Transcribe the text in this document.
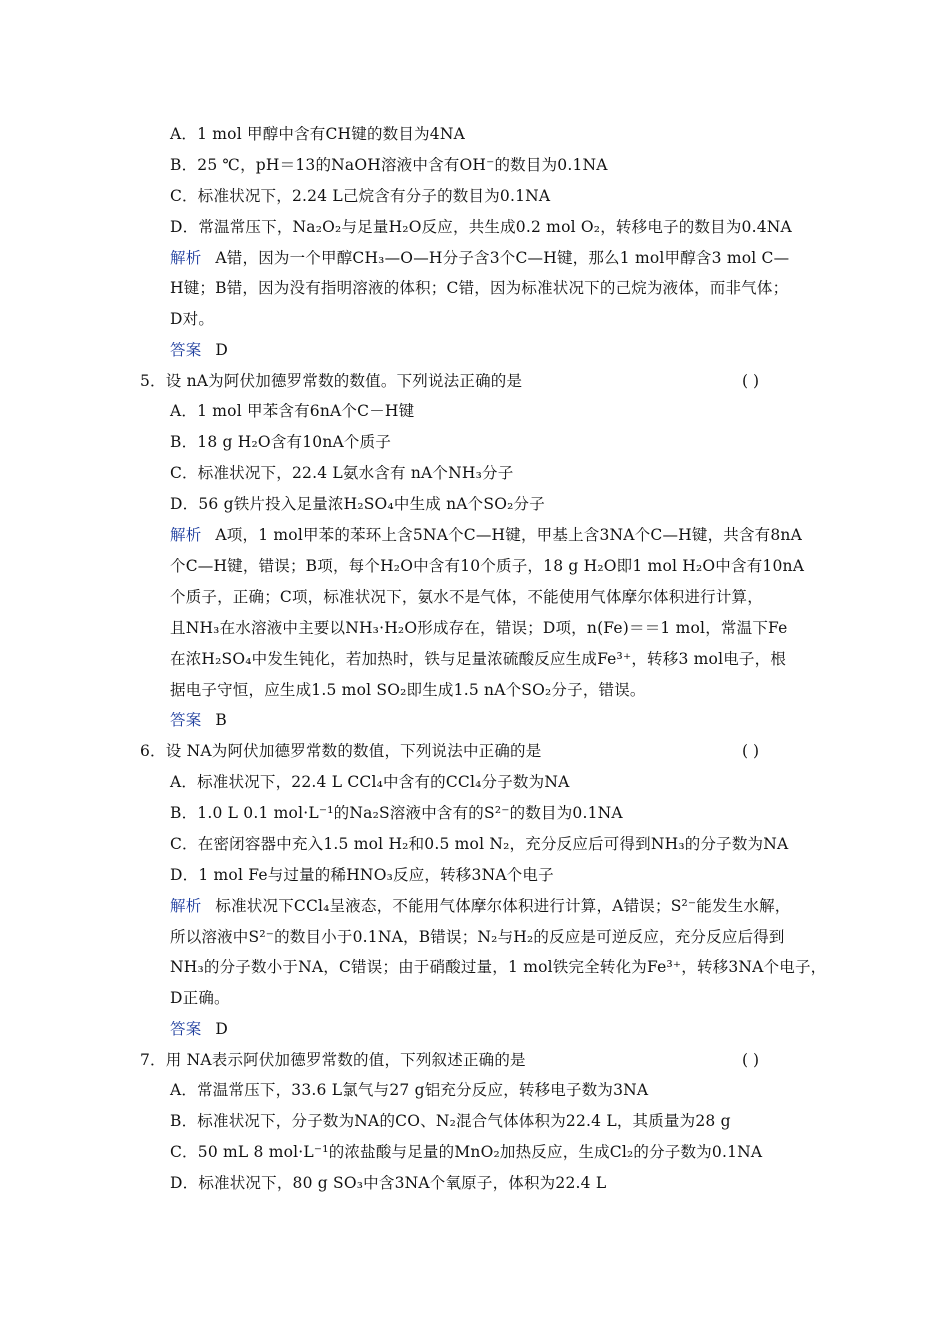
A．1 mol 甲醇中含有CH键的数目为4NA
B．25 ℃，pH＝13的NaOH溶液中含有OH⁻的数目为0.1NA
C．标准状况下，2.24 L己烷含有分子的数目为0.1NA
D．常温常压下，Na₂O₂与足量H₂O反应，共生成0.2 mol O₂，转移电子的数目为0.4NA
解析 A错，因为一个甲醇CH₃—O—H分子含3个C—H键，那么1 mol甲醇含3 mol C—
H键；B错，因为没有指明溶液的体积；C错，因为标准状况下的己烷为液体，而非气体；
D对。
答案 D
5．设 nA为阿伏加德罗常数的数值。下列说法正确的是	( )
A．1 mol 甲苯含有6nA个C－H键
B．18 g H₂O含有10nA个质子
C．标准状况下，22.4 L氨水含有 nA个NH₃分子
D．56 g铁片投入足量浓H₂SO₄中生成 nA个SO₂分子
解析 A项，1 mol甲苯的苯环上含5NA个C—H键，甲基上含3NA个C—H键，共含有8nA
个C—H键，错误；B项，每个H₂O中含有10个质子，18 g H₂O即1 mol H₂O中含有10nA
个质子，正确；C项，标准状况下，氨水不是气体，不能使用气体摩尔体积进行计算，
且NH₃在水溶液中主要以NH₃·H₂O形成存在，错误；D项，n(Fe)＝＝1 mol，常温下Fe
在浓H₂SO₄中发生钝化，若加热时，铁与足量浓硫酸反应生成Fe³⁺，转移3 mol电子，根
据电子守恒，应生成1.5 mol SO₂即生成1.5 nA个SO₂分子，错误。
答案 B
6．设 NA为阿伏加德罗常数的数值，下列说法中正确的是	( )
A．标准状况下，22.4 L CCl₄中含有的CCl₄分子数为NA
B．1.0 L 0.1 mol·L⁻¹的Na₂S溶液中含有的S²⁻的数目为0.1NA
C．在密闭容器中充入1.5 mol H₂和0.5 mol N₂，充分反应后可得到NH₃的分子数为NA
D．1 mol Fe与过量的稀HNO₃反应，转移3NA个电子
解析 标准状况下CCl₄呈液态，不能用气体摩尔体积进行计算，A错误；S²⁻能发生水解，
所以溶液中S²⁻的数目小于0.1NA，B错误；N₂与H₂的反应是可逆反应，充分反应后得到
NH₃的分子数小于NA，C错误；由于硝酸过量，1 mol铁完全转化为Fe³⁺，转移3NA个电子，
D正确。
答案 D
7．用 NA表示阿伏加德罗常数的值，下列叙述正确的是	( )
A．常温常压下，33.6 L氯气与27 g铝充分反应，转移电子数为3NA
B．标准状况下，分子数为NA的CO、N₂混合气体体积为22.4 L，其质量为28 g
C．50 mL 8 mol·L⁻¹的浓盐酸与足量的MnO₂加热反应，生成Cl₂的分子数为0.1NA
D．标准状况下，80 g SO₃中含3NA个氧原子，体积为22.4 L
